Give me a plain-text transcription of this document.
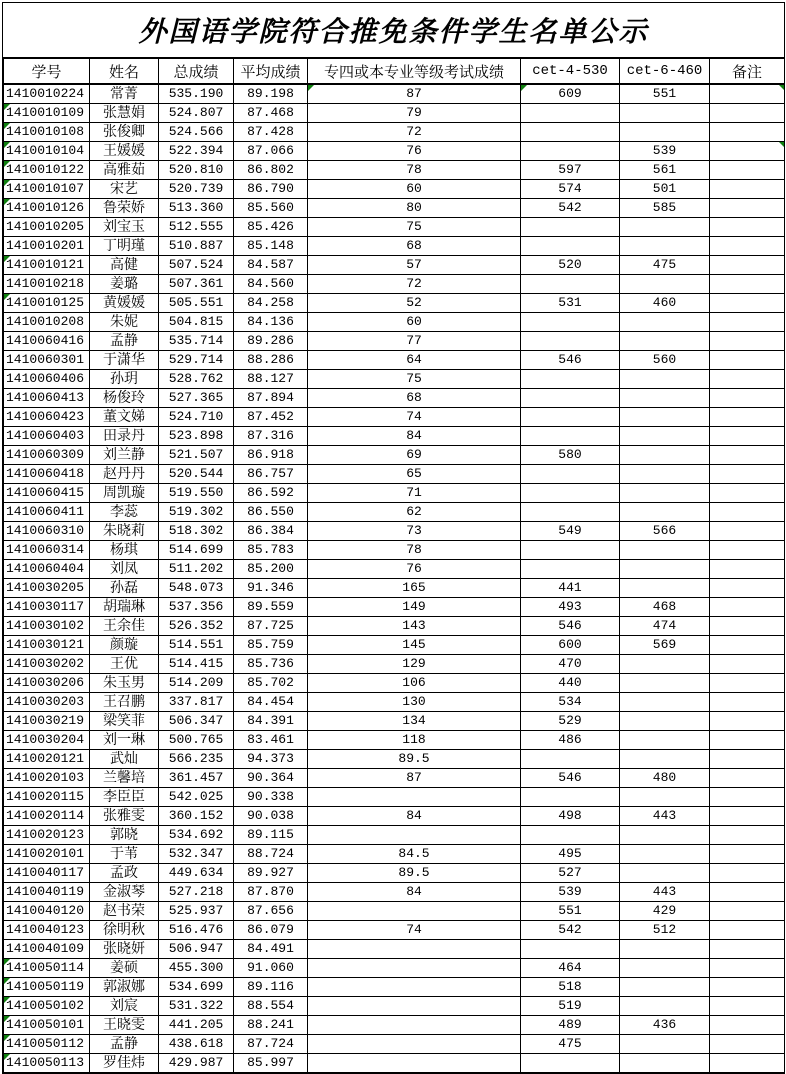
外国语学院符合推免条件学生名单公示
学号	姓名	总成绩	平均成绩	专四或本专业等级考试成绩	cet-4-530	cet-6-460	备注
1410010224	常菁	535.190	89.198	87	609	551	

1410010109	张慧娟	524.807	87.468	79			
1410010108	张俊卿	524.566	87.428	72			
1410010104	王媛媛	522.394	87.066	76		539	

1410010122	高雅茹	520.810	86.802	78	597	561	
1410010107	宋艺	520.739	86.790	60	574	501	
1410010126	鲁荣娇	513.360	85.560	80	542	585	
1410010205	刘宝玉	512.555	85.426	75			
1410010201	丁明瑾	510.887	85.148	68			
1410010121	高健	507.524	84.587	57	520	475	
1410010218	姜璐	507.361	84.560	72			
1410010125	黄媛媛	505.551	84.258	52	531	460	
1410010208	朱妮	504.815	84.136	60			
1410060416	孟静	535.714	89.286	77			
1410060301	于潇华	529.714	88.286	64	546	560	
1410060406	孙玥	528.762	88.127	75			
1410060413	杨俊玲	527.365	87.894	68			
1410060423	董文娣	524.710	87.452	74			
1410060403	田录丹	523.898	87.316	84			
1410060309	刘兰静	521.507	86.918	69	580		
1410060418	赵丹丹	520.544	86.757	65			
1410060415	周凯璇	519.550	86.592	71			
1410060411	李蕊	519.302	86.550	62			
1410060310	朱晓莉	518.302	86.384	73	549	566	
1410060314	杨琪	514.699	85.783	78			
1410060404	刘凤	511.202	85.200	76			
1410030205	孙磊	548.073	91.346	165	441		
1410030117	胡瑞琳	537.356	89.559	149	493	468	
1410030102	王余佳	526.352	87.725	143	546	474	
1410030121	颜璇	514.551	85.759	145	600	569	
1410030202	王优	514.415	85.736	129	470		
1410030206	朱玉男	514.209	85.702	106	440		
1410030203	王召鹏	337.817	84.454	130	534		
1410030219	梁笑菲	506.347	84.391	134	529		
1410030204	刘一琳	500.765	83.461	118	486		
1410020121	武灿	566.235	94.373	89.5			
1410020103	兰馨培	361.457	90.364	87	546	480	
1410020115	李臣臣	542.025	90.338				
1410020114	张雅雯	360.152	90.038	84	498	443	
1410020123	郭晓	534.692	89.115				
1410020101	于苇	532.347	88.724	84.5	495		
1410040117	孟政	449.634	89.927	89.5	527		
1410040119	金淑琴	527.218	87.870	84	539	443	
1410040120	赵书荣	525.937	87.656		551	429	
1410040123	徐明秋	516.476	86.079	74	542	512	
1410040109	张晓妍	506.947	84.491				
1410050114	姜硕	455.300	91.060		464		
1410050119	郭淑娜	534.699	89.116		518		
1410050102	刘宸	531.322	88.554		519		
1410050101	王晓雯	441.205	88.241		489	436	
1410050112	孟静	438.618	87.724		475		
1410050113	罗佳炜	429.987	85.997				
